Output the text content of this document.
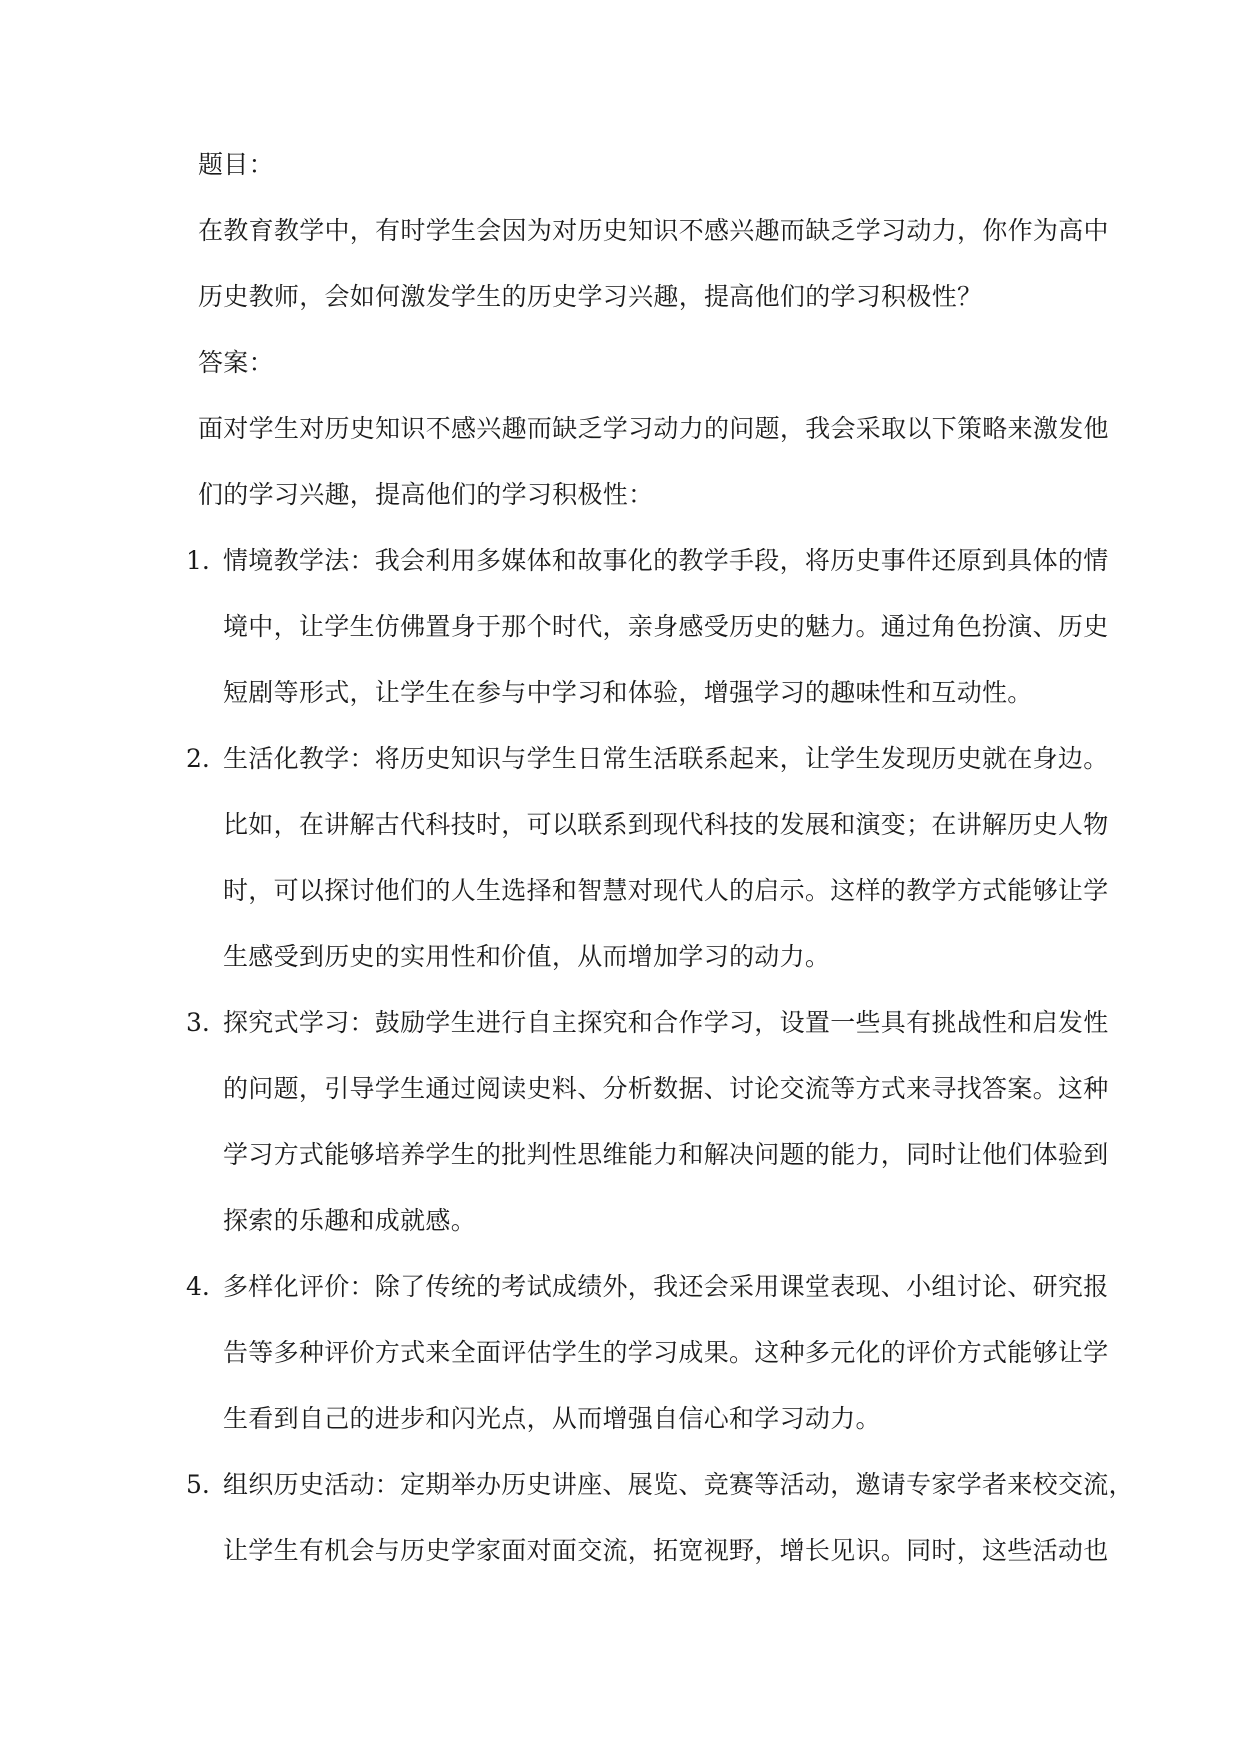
题目：
在教育教学中，有时学生会因为对历史知识不感兴趣而缺乏学习动力，你作为高中
历史教师，会如何激发学生的历史学习兴趣，提高他们的学习积极性？
答案：
面对学生对历史知识不感兴趣而缺乏学习动力的问题，我会采取以下策略来激发他
们的学习兴趣，提高他们的学习积极性：
1. 情境教学法：我会利用多媒体和故事化的教学手段，将历史事件还原到具体的情
境中，让学生仿佛置身于那个时代，亲身感受历史的魅力。通过角色扮演、历史
短剧等形式，让学生在参与中学习和体验，增强学习的趣味性和互动性。
2. 生活化教学：将历史知识与学生日常生活联系起来，让学生发现历史就在身边。
比如，在讲解古代科技时，可以联系到现代科技的发展和演变；在讲解历史人物
时，可以探讨他们的人生选择和智慧对现代人的启示。这样的教学方式能够让学
生感受到历史的实用性和价值，从而增加学习的动力。
3. 探究式学习：鼓励学生进行自主探究和合作学习，设置一些具有挑战性和启发性
的问题，引导学生通过阅读史料、分析数据、讨论交流等方式来寻找答案。这种
学习方式能够培养学生的批判性思维能力和解决问题的能力，同时让他们体验到
探索的乐趣和成就感。
4. 多样化评价：除了传统的考试成绩外，我还会采用课堂表现、小组讨论、研究报
告等多种评价方式来全面评估学生的学习成果。这种多元化的评价方式能够让学
生看到自己的进步和闪光点，从而增强自信心和学习动力。
5. 组织历史活动：定期举办历史讲座、展览、竞赛等活动，邀请专家学者来校交流，
让学生有机会与历史学家面对面交流，拓宽视野，增长见识。同时，这些活动也
